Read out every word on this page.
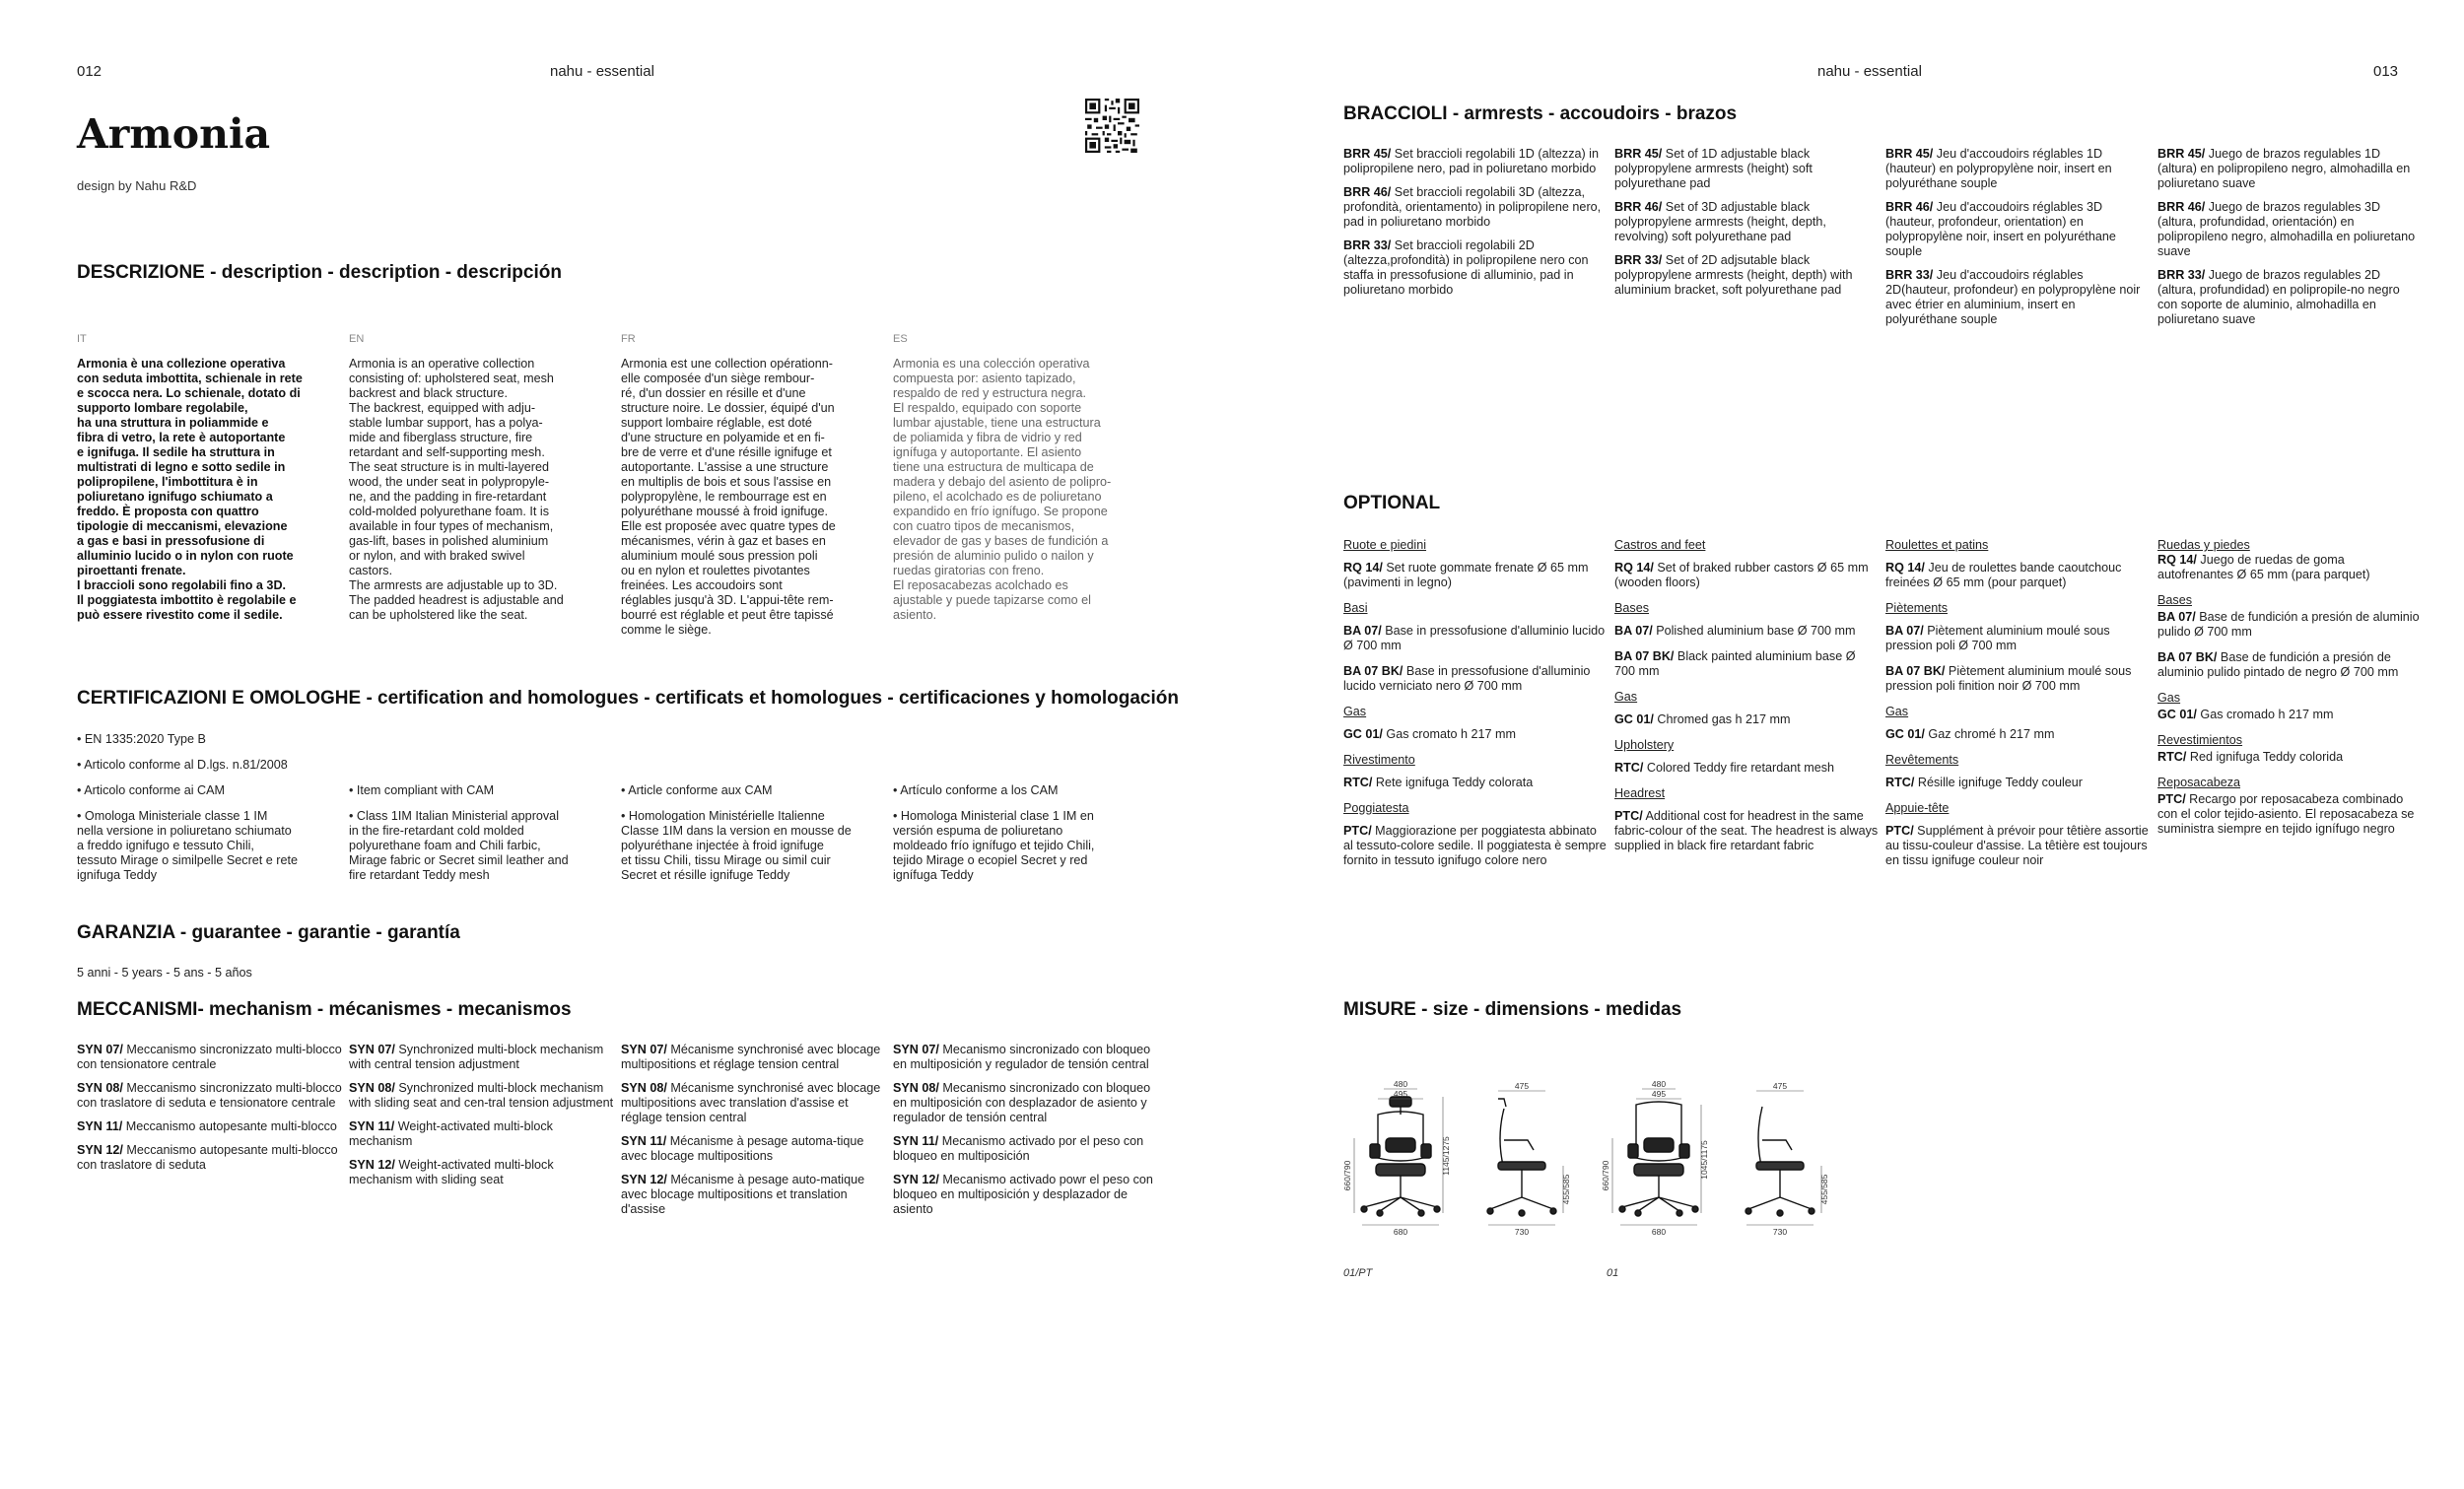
012	nahu - essential
Armonia
design by Nahu R&D
DESCRIZIONE - description - description - descripción
IT	EN	FR	ES
Armonia è una collezione operativa
con seduta imbottita, schienale in rete
e scocca nera. Lo schienale, dotato di
supporto lombare regolabile,
ha una struttura in poliammide e
fibra di vetro, la rete è autoportante
e ignifuga. Il sedile ha struttura in
multistrati di legno e sotto sedile in
polipropilene, l'imbottitura è in
poliuretano ignifugo schiumato a
freddo. È proposta con quattro
tipologie di meccanismi, elevazione
a gas e basi in pressofusione di
alluminio lucido o in nylon con ruote
piroettanti frenate.
I braccioli sono regolabili fino a 3D.
Il poggiatesta imbottito è regolabile e
può essere rivestito come il sedile.
Armonia is an operative collection
consisting of: upholstered seat, mesh
backrest and black structure.
The backrest, equipped with adju-
stable lumbar support, has a polya-
mide and fiberglass structure, fire
retardant and self-supporting mesh.
The seat structure is in multi-layered
wood, the under seat in polypropyle-
ne, and the padding in fire-retardant
cold-molded polyurethane foam. It is
available in four types of mechanism,
gas-lift, bases in polished aluminium
or nylon, and with braked swivel
castors.
The armrests are adjustable up to 3D.
The padded headrest is adjustable and
can be upholstered like the seat.
Armonia est une collection opérationn-
elle composée d'un siège rembour-
ré, d'un dossier en résille et d'une
structure noire. Le dossier, équipé d'un
support lombaire réglable, est doté
d'une structure en polyamide et en fi-
bre de verre et d'une résille ignifuge et
autoportante. L'assise a une structure
en multiplis de bois et sous l'assise en
polypropylène, le rembourrage est en
polyuréthane moussé à froid ignifuge.
Elle est proposée avec quatre types de
mécanismes, vérin à gaz et bases en
aluminium moulé sous pression poli
ou en nylon et roulettes pivotantes
freinées. Les accoudoirs sont
réglables jusqu'à 3D. L'appui-tête rem-
bourré est réglable et peut être tapissé
comme le siège.
Armonia es una colección operativa
compuesta por: asiento tapizado,
respaldo de red y estructura negra.
El respaldo, equipado con soporte
lumbar ajustable, tiene una estructura
de poliamida y fibra de vidrio y red
ignífuga y autoportante. El asiento
tiene una estructura de multicapa de
madera y debajo del asiento de polipro-
pileno, el acolchado es de poliuretano
expandido en frío ignífugo. Se propone
con cuatro tipos de mecanismos,
elevador de gas y bases de fundición a
presión de aluminio pulido o nailon y
ruedas giratorias con freno.
El reposacabezas acolchado es
ajustable y puede tapizarse como el
asiento.
CERTIFICAZIONI E OMOLOGHE - certification and homologues - certificats et homologues - certificaciones y homologación
• EN 1335:2020 Type B
• Articolo conforme al D.lgs. n.81/2008
• Articolo conforme ai CAM	• Item compliant with CAM	• Article conforme aux CAM	• Artículo conforme a los CAM
• Omologa Ministeriale classe 1 IM
nella versione in poliuretano schiumato
a freddo ignifugo e tessuto Chili,
tessuto Mirage o similpelle Secret e rete
ignifuga Teddy
• Class 1IM Italian Ministerial approval
in the fire-retardant cold molded
polyurethane foam and Chili farbic,
Mirage fabric or Secret simil leather and
fire retardant Teddy mesh
• Homologation Ministérielle Italienne
Classe 1IM dans la version en mousse de
polyuréthane injectée à froid ignifuge
et tissu Chili, tissu Mirage ou simil cuir
Secret et résille ignifuge Teddy
• Homologa Ministerial clase 1 IM en
versión espuma de poliuretano
moldeado frío ignífugo et tejido Chili,
tejido Mirage o ecopiel Secret y red
ignífuga Teddy
GARANZIA - guarantee - garantie - garantía
5 anni - 5 years - 5 ans - 5 años
MECCANISMI- mechanism - mécanismes - mecanismos
SYN 07/ Meccanismo sincronizzato multi-blocco con tensionatore centrale
SYN 08/ Meccanismo sincronizzato multi-blocco con traslatore di seduta e tensionatore centrale
SYN 11/ Meccanismo autopesante multi-blocco
SYN 12/ Meccanismo autopesante multi-blocco con traslatore di seduta
SYN 07/ Synchronized multi-block mechanism with central tension adjustment
SYN 08/ Synchronized multi-block mechanism with sliding seat and cen-tral tension adjustment
SYN 11/ Weight-activated multi-block mechanism
SYN 12/ Weight-activated multi-block mechanism with sliding seat
SYN 07/ Mécanisme synchronisé avec blocage multipositions et réglage tension central
SYN 08/ Mécanisme synchronisé avec blocage multipositions avec translation d'assise et réglage tension central
SYN 11/ Mécanisme à pesage automa-tique avec blocage multipositions
SYN 12/ Mécanisme à pesage auto-matique avec blocage multipositions et translation d'assise
SYN 07/ Mecanismo sincronizado con bloqueo en multiposición y regulador de tensión central
SYN 08/ Mecanismo sincronizado con bloqueo en multiposición con desplazador de asiento y regulador de tensión central
SYN 11/ Mecanismo activado por el peso con bloqueo en multiposición
SYN 12/ Mecanismo activado powr el peso con bloqueo en multiposición y desplazador de asiento
nahu - essential	013
BRACCIOLI - armrests - accoudoirs - brazos
BRR 45/ Set braccioli regolabili 1D (altezza) in polipropilene nero, pad in poliuretano morbido
BRR 46/ Set braccioli regolabili 3D (altezza, profondità, orientamento) in polipropilene nero, pad in poliuretano morbido
BRR 33/ Set braccioli regolabili 2D (altezza,profondità) in polipropilene nero con staffa in pressofusione di alluminio, pad in poliuretano morbido
BRR 45/ Set of 1D adjustable black polypropylene armrests (height) soft polyurethane pad
BRR 46/ Set of 3D adjustable black polypropylene armrests (height, depth, revolving) soft polyurethane pad
BRR 33/ Set of 2D adjsutable black polypropylene armrests (height, depth) with aluminium bracket, soft polyurethane pad
BRR 45/ Jeu d'accoudoirs réglables 1D (hauteur) en polypropylène noir, insert en polyuréthane souple
BRR 46/ Jeu d'accoudoirs réglables 3D (hauteur, profondeur, orientation) en polypropylène noir, insert en polyuréthane souple
BRR 33/ Jeu d'accoudoirs réglables 2D(hauteur, profondeur) en polypropylène noir avec étrier en aluminium, insert en polyuréthane souple
BRR 45/ Juego de brazos regulables 1D (altura) en polipropileno negro, almohadilla en poliuretano suave
BRR 46/ Juego de brazos regulables 3D (altura, profundidad, orientación) en polipropileno negro, almohadilla en poliuretano suave
BRR 33/ Juego de brazos regulables 2D (altura, profundidad) en polipropile-no negro con soporte de aluminio, almohadilla en poliuretano suave
OPTIONAL
Ruote e piedini
RQ 14/ Set ruote gommate frenate Ø 65 mm (pavimenti in legno)
Basi
BA 07/ Base in pressofusione d'alluminio lucido Ø 700 mm
BA 07 BK/ Base in pressofusione d'alluminio lucido verniciato nero Ø 700 mm
Gas
GC 01/ Gas cromato h 217 mm
Rivestimento
RTC/ Rete ignifuga Teddy colorata
Poggiatesta
PTC/ Maggiorazione per poggiatesta abbinato al tessuto-colore sedile. Il poggiatesta è sempre fornito in tessuto ignifugo colore nero
Castros and feet
RQ 14/ Set of braked rubber castors Ø 65 mm (wooden floors)
Bases
BA 07/ Polished aluminium base Ø 700 mm
BA 07 BK/ Black painted aluminium base Ø 700 mm
Gas
GC 01/ Chromed gas h 217 mm
Upholstery
RTC/ Colored Teddy fire retardant mesh
Headrest
PTC/ Additional cost for headrest in the same fabric-colour of the seat. The headrest is always supplied in black fire retardant fabric
Roulettes et patins
RQ 14/ Jeu de roulettes bande caoutchouc freinées Ø 65 mm (pour parquet)
Piètements
BA 07/ Piètement aluminium moulé sous pression poli Ø 700 mm
BA 07 BK/ Piètement aluminium moulé sous pression poli finition noir Ø 700 mm
Gas
GC 01/ Gaz chromé h 217 mm
Revêtements
RTC/ Résille ignifuge Teddy couleur
Appuie-tête
PTC/ Supplément à prévoir pour têtière assortie au tissu-couleur d'assise. La têtière est toujours en tissu ignifuge couleur noir
Ruedas y piedes
RQ 14/ Juego de ruedas de goma autofrenantes Ø 65 mm (para parquet)
Bases
BA 07/ Base de fundición a presión de aluminio pulido Ø 700 mm
BA 07 BK/ Base de fundición a presión de aluminio pulido pintado de negro Ø 700 mm
Gas
GC 01/ Gas cromado h 217 mm
Revestimientos
RTC/ Red ignifuga Teddy colorida
Reposacabeza
PTC/ Recargo por reposacabeza combinado con el color tejido-asiento. El reposacabeza se suministra siempre en tejido ignífugo negro
MISURE - size - dimensions - medidas
480
495
680
660/790
1145/1275
475
730
455/585
480
495
680
660/790	1045/1175
475
730
455/585
01/PT	01
